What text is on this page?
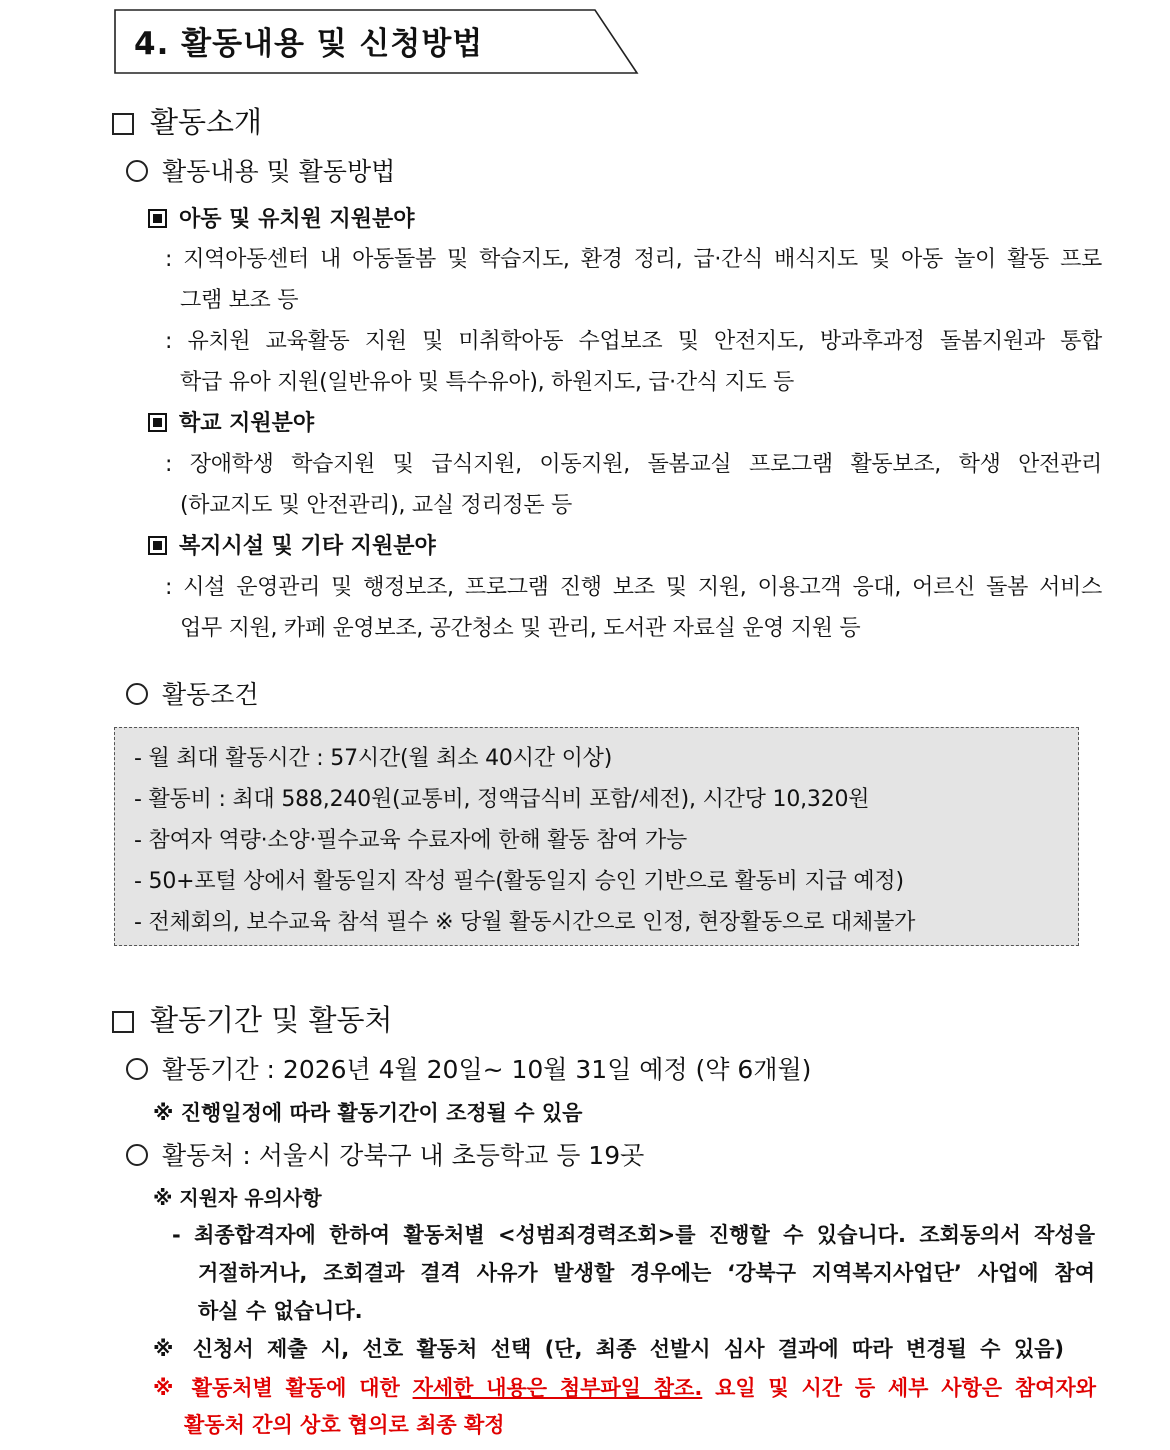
4. 활동내용 및 신청방법
활동소개
활동내용 및 활동방법
아동 및 유치원 지원분야
: 지역아동센터 내 아동돌봄 및 학습지도, 환경 정리, 급·간식 배식지도 및 아동 놀이 활동 프로
그램 보조 등
: 유치원 교육활동 지원 및 미취학아동 수업보조 및 안전지도, 방과후과정 돌봄지원과 통합
학급 유아 지원(일반유아 및 특수유아), 하원지도, 급·간식 지도 등
학교 지원분야
: 장애학생 학습지원 및 급식지원, 이동지원, 돌봄교실 프로그램 활동보조, 학생 안전관리
(하교지도 및 안전관리), 교실 정리정돈 등
복지시설 및 기타 지원분야
: 시설 운영관리 및 행정보조, 프로그램 진행 보조 및 지원, 이용고객 응대, 어르신 돌봄 서비스
업무 지원, 카페 운영보조, 공간청소 및 관리, 도서관 자료실 운영 지원 등
활동조건
- 월 최대 활동시간 : 57시간(월 최소 40시간 이상)
- 활동비 : 최대 588,240원(교통비, 정액급식비 포함/세전), 시간당 10,320원
- 참여자 역량·소양·필수교육 수료자에 한해 활동 참여 가능
- 50+포털 상에서 활동일지 작성 필수(활동일지 승인 기반으로 활동비 지급 예정)
- 전체회의, 보수교육 참석 필수 ※ 당월 활동시간으로 인정, 현장활동으로 대체불가
활동기간 및 활동처
활동기간 : 2026년 4월 20일~ 10월 31일 예정 (약 6개월)
※ 진행일정에 따라 활동기간이 조정될 수 있음
활동처 : 서울시 강북구 내 초등학교 등 19곳
※ 지원자 유의사항
- 최종합격자에 한하여 활동처별 <성범죄경력조회>를 진행할 수 있습니다. 조회동의서 작성을
거절하거나, 조회결과 결격 사유가 발생할 경우에는 ‘강북구 지역복지사업단’ 사업에 참여
하실 수 없습니다.
※ 신청서 제출 시, 선호 활동처 선택 (단, 최종 선발시 심사 결과에 따라 변경될 수 있음)
※ 활동처별 활동에 대한 자세한 내용은 첨부파일 참조. 요일 및 시간 등 세부 사항은 참여자와
활동처 간의 상호 협의로 최종 확정
